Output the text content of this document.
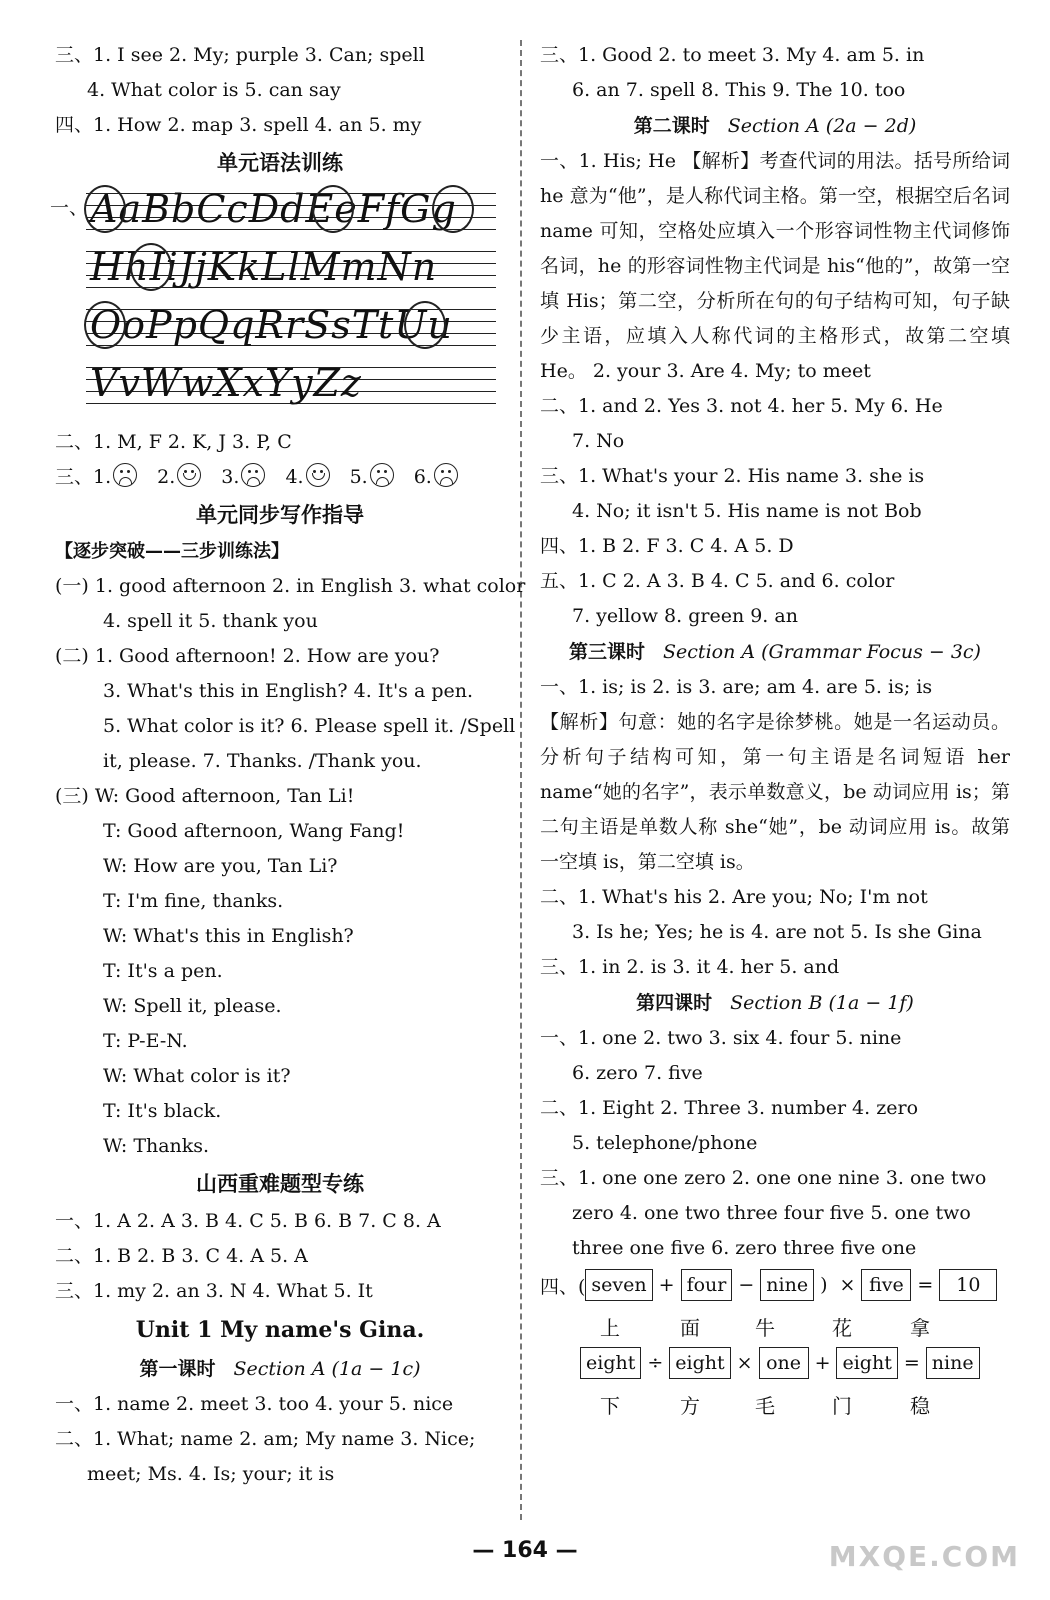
三、1. I see 2. My; purple 3. Can; spell
4. What color is 5. can say
四、1. How 2. map 3. spell 4. an 5. my
单元语法训练
一、 AaBbCcDdEeFfGg
HhIiJjKkLlMmNn
OoPpQqRrSsTtUu
VvWwXxYyZz
二、1. M, F 2. K, J 3. P, C
三、1. 2. 3. 4. 5. 6.
单元同步写作指导
【逐步突破——三步训练法】
(一) 1. good afternoon 2. in English 3. what color
4. spell it 5. thank you
(二) 1. Good afternoon! 2. How are you?
3. What's this in English? 4. It's a pen.
5. What color is it? 6. Please spell it. /Spell
it, please. 7. Thanks. /Thank you.
(三) W: Good afternoon, Tan Li!
T: Good afternoon, Wang Fang!
W: How are you, Tan Li?
T: I'm fine, thanks.
W: What's this in English?
T: It's a pen.
W: Spell it, please.
T: P-E-N.
W: What color is it?
T: It's black.
W: Thanks.
山西重难题型专练
一、1. A 2. A 3. B 4. C 5. B 6. B 7. C 8. A
二、1. B 2. B 3. C 4. A 5. A
三、1. my 2. an 3. N 4. What 5. It
Unit 1 My name's Gina.
第一课时 Section A (1a − 1c)
一、1. name 2. meet 3. too 4. your 5. nice
二、1. What; name 2. am; My name 3. Nice;
meet; Ms. 4. Is; your; it is
三、1. Good 2. to meet 3. My 4. am 5. in
6. an 7. spell 8. This 9. The 10. too
第二课时 Section A (2a − 2d)
一、1. His; He 【解析】考查代词的用法。括号所给词 he 意为“他”，是人称代词主格。第一空，根据空后名词 name 可知，空格处应填入一个形容词性物主代词修饰名词，he 的形容词性物主代词是 his“他的”，故第一空填 His；第二空，分析所在句的句子结构可知，句子缺少主语，应填入人称代词的主格形式，故第二空填 He。 2. your 3. Are 4. My; to meet
二、1. and 2. Yes 3. not 4. her 5. My 6. He
7. No
三、1. What's your 2. His name 3. she is
4. No; it isn't 5. His name is not Bob
四、1. B 2. F 3. C 4. A 5. D
五、1. C 2. A 3. B 4. C 5. and 6. color
7. yellow 8. green 9. an
第三课时 Section A (Grammar Focus − 3c)
一、1. is; is 2. is 3. are; am 4. are 5. is; is
【解析】句意：她的名字是徐梦桃。她是一名运动员。分析句子结构可知，第一句主语是名词短语 her name“她的名字”，表示单数意义，be 动词应用 is；第二句主语是单数人称 she“她”，be 动词应用 is。故第一空填 is，第二空填 is。
二、1. What's his 2. Are you; No; I'm not
3. Is he; Yes; he is 4. are not 5. Is she Gina
三、1. in 2. is 3. it 4. her 5. and
第四课时 Section B (1a − 1f)
一、1. one 2. two 3. six 4. four 5. nine
6. zero 7. five
二、1. Eight 2. Three 3. number 4. zero
5. telephone/phone
三、1. one one zero 2. one one nine 3. one two
zero 4. one two three four five 5. one two
three one five 6. zero three five one
四、( seven + four − nine ) × five =	10
上	面	牛	花	拿
eight ÷ eight × one + eight = nine
下	方	毛	门	稳
— 164 —	MXQE.COM
